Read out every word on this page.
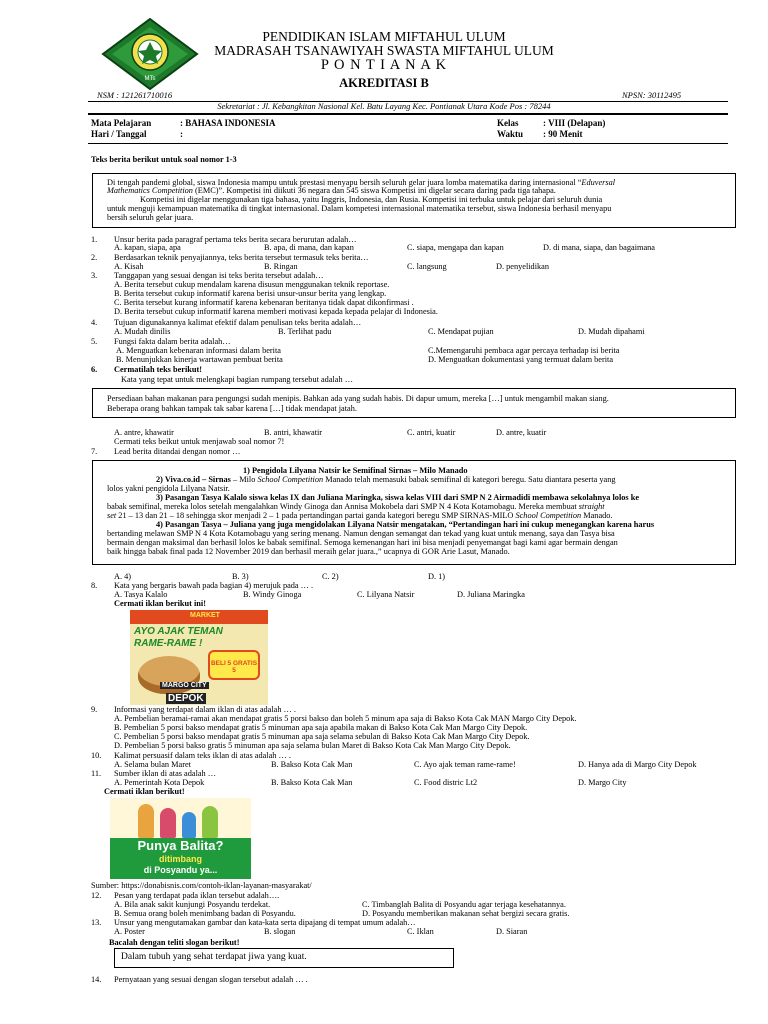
MTs
PENDIDIKAN ISLAM MIFTAHUL ULUM
MADRASAH TSANAWIYAH SWASTA MIFTAHUL ULUM
P O N T I A N A K
AKREDITASI B
NSM : 121261710016	NPSN: 30112495
Sekretariat : Jl. Kebangkitan Nasional Kel. Batu Layang Kec. Pontianak Utara Kode Pos : 78244
Mata Pelajaran	: BAHASA INDONESIA
Hari / Tanggal	:
Kelas	: VIII (Delapan)
Waktu : 90 Menit
Teks berita berikut untuk soal nomor 1-3
Di tengah pandemi global, siswa Indonesia mampu untuk prestasi menyapu bersih seluruh gelar juara lomba matematika daring internasional “Eduversal
Mathematics Competition (EMC)”. Kompetisi ini diikuti 36 negara dan 545 siswa Kompetisi ini digelar secara daring pada tiga tahapa.
Kompetisi ini digelar menggunakan tiga bahasa, yaitu Inggris, Indonesia, dan Rusia. Kompetisi ini terbuka untuk pelajar dari seluruh dunia
untuk menguji kemampuan matematika di tingkat internasional. Dalam kompetesi internasional matematika tersebut, siswa Indonesia berhasil menyapu
bersih seluruh gelar juara.
1. Unsur berita pada paragraf pertama teks berita secara berurutan adalah…
A. kapan, siapa, apa	B. apa, di mana, dan kapan	C. siapa, mengapa dan kapan	D. di mana, siapa, dan bagaimana
2. Berdasarkan teknik penyajiannya, teks berita tersebut termasuk teks berita…
A. Kisah	B. Ringan	C. langsung	D. penyelidikan
3. Tanggapan yang sesuai dengan isi teks berita tersebut adalah…
A. Berita tersebut cukup mendalam karena disusun menggunakan teknik reportase.
B. Berita tersebut cukup informatif karena berisi unsur-unsur berita yang lengkap.
C. Berita tersebut kurang informatif karena kebenaran beritanya tidak dapat dikonfirmasi .
D. Berita tersebut cukup informatif karena memberi motivasi kepada kepada pelajar di Indonesia.
4. Tujuan digunakannya kalimat efektif dalam penulisan teks berita adalah…
A. Mudah dinilis	B. Terlihat padu	C. Mendapat pujian	D. Mudah dipahami
5. Fungsi fakta dalam berita adalah…
A. Menguatkan kebenaran informasi dalam berita
B. Menunjukkan kinerja wartawan pembuat berita
C.Memengaruhi pembaca agar percaya terhadap isi berita
D. Menguatkan dokumentasi yang termuat dalam berita
6. Cermatilah teks berikut!
Kata yang tepat untuk melengkapi bagian rumpang tersebut adalah …
Persediaan bahan makanan para pengungsi sudah menipis. Bahkan ada yang sudah habis. Di dapur umum, mereka […] untuk mengambil makan siang.
Beberapa orang bahkan tampak tak sabar karena […] tidak mendapat jatah.
A. antre, khawatir	B. antri, khawatir	C. antri, kuatir	D. antre, kuatir
Cermati teks beikut untuk menjawab soal nomor 7!
7. Lead berita ditandai dengan nomor …
1) Pengidola Lilyana Natsir ke Semifinal Sirnas – Milo Manado
2) Viva.co.id – Sirnas – Milo School Competition Manado telah memasuki babak semifinal di kategori beregu. Satu diantara peserta yang
lolos yakni pengidola Lilyana Natsir.
3) Pasangan Tasya Kalalo siswa kelas IX dan Juliana Maringka, siswa kelas VIII dari SMP N 2 Airmadidi membawa sekolahnya lolos ke
babak semifinal, mereka lolos setelah mengalahkan Windy Ginoga dan Annisa Mokobela dari SMP N 4 Kota Kotamobagu. Mereka membuat straight
set 21 – 13 dan 21 – 18 sehingga skor menjadi 2 – 1 pada pertandingan partai ganda kategori beregu SMP SIRNAS-MILO School Competition Manado.
4) Pasangan Tasya – Juliana yang juga mengidolakan Lilyana Natsir mengatakan, “Pertandingan hari ini cukup menegangkan karena harus
bertanding melawan SMP N 4 Kota Kotamobagu yang sering menang. Namun dengan semangat dan tekad yang kuat untuk menang, saya dan Tasya bisa
bermain dengan maksimal dan berhasil lolos ke babak semifinal. Semoga kemenangan hari ini bisa menjadi penyemangat bagi kami agar bermain dengan
baik hingga babak final pada 12 November 2019 dan berhasil meraih gelar juara.,” ucapnya di GOR Arie Lasut, Manado.
A. 4)	B. 3)	C. 2)	D. 1)
8. Kata yang bergaris bawah pada bagian 4) merujuk pada … .
A. Tasya Kalalo	B. Windy Ginoga	C. Lilyana Natsir	D. Juliana Maringka
Cermati iklan berikut ini!
MARKET
AYO AJAK TEMAN
RAME-RAME !
BELI 5 GRATIS 5
MARGO CITY
DEPOK
9. Informasi yang terdapat dalam iklan di atas adalah … .
A. Pembelian beramai-ramai akan mendapat gratis 5 porsi bakso dan boleh 5 minum apa saja di Bakso Kota Cak MAN Margo City Depok.
B. Pembelian 5 porsi bakso mendapat gratis 5 minuman apa saja apabila makan di Bakso Kota Cak Man Margo City Depok.
C. Pembelian 5 porsi bakso mendapat gratis 5 minuman apa saja selama sebulan di Bakso Kota Cak Man Margo City Depok.
D. Pembelian 5 porsi bakso gratis 5 minuman apa saja selama bulan Maret di Bakso Kota Cak Man Margo City Depok.
10. Kalimat persuasif dalam teks iklan di atas adalah … .
A. Selama bulan Maret	B. Bakso Kota Cak Man	C. Ayo ajak teman rame-rame!	D. Hanya ada di Margo City Depok
11. Sumber iklan di atas adalah …
A. Pemerintah Kota Depok	B. Bakso Kota Cak Man	C. Food distric Lt2	D. Margo City
Cermati iklan berikut!
Punya Balita?
ditimbang
di Posyandu ya...
Sumber: https://donabisnis.com/contoh-iklan-layanan-masyarakat/
12. Pesan yang terdapat pada iklan tersebut adalah….
A. Bila anak sakit kunjungi Posyandu terdekat.
B. Semua orang boleh menimbang badan di Posyandu.
C. Timbanglah Balita di Posyandu agar terjaga kesehatannya.
D. Posyandu memberikan makanan sehat bergizi secara gratis.
13. Unsur yang mengutamakan gambar dan kata-kata serta dipajang di tempat umum adalah…
A. Poster	B. slogan	C. Iklan	D. Siaran
Bacalah dengan teliti slogan berikut!
Dalam tubuh yang sehat terdapat jiwa yang kuat.
14. Pernyataan yang sesuai dengan slogan tersebut adalah … .
